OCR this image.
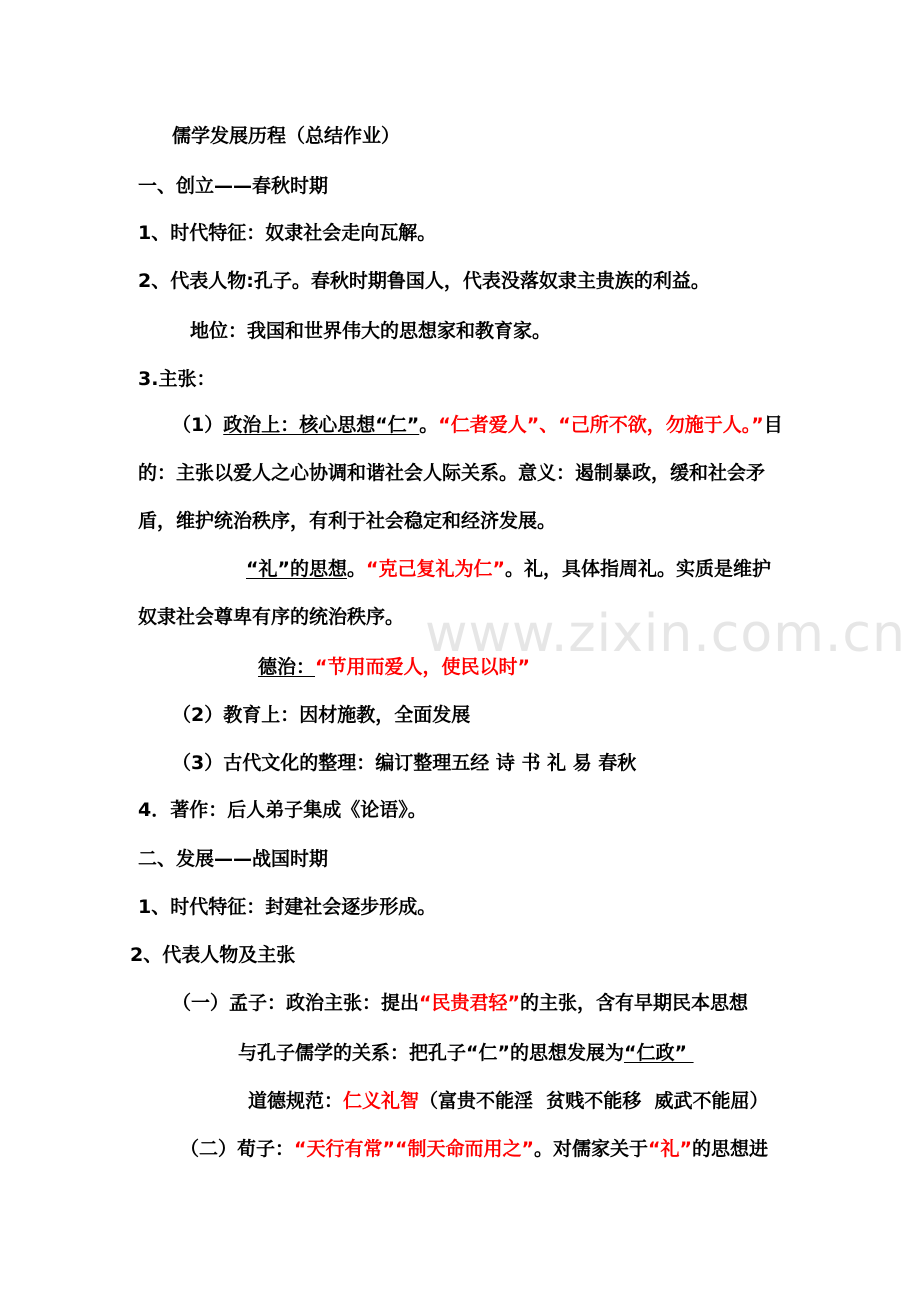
www.zixin.com.cn
儒学发展历程（总结作业）
一、创立——春秋时期
1、时代特征：奴隶社会走向瓦解。
2、代表人物:孔子。春秋时期鲁国人，代表没落奴隶主贵族的利益。
地位：我国和世界伟大的思想家和教育家。
3.主张：
（1）政治上：核心思想“仁”。“仁者爱人”、“己所不欲，勿施于人。”目
的：主张以爱人之心协调和谐社会人际关系。意义：遏制暴政，缓和社会矛
盾，维护统治秩序，有利于社会稳定和经济发展。
“礼”的思想。“克己复礼为仁”。礼，具体指周礼。实质是维护
奴隶社会尊卑有序的统治秩序。
德治：“节用而爱人，使民以时”
（2）教育上：因材施教，全面发展
（3）古代文化的整理：编订整理五经 诗 书 礼 易 春秋
4．著作：后人弟子集成《论语》。
二、发展——战国时期
1、时代特征：封建社会逐步形成。
2、代表人物及主张
（一）孟子：政治主张：提出“民贵君轻”的主张，含有早期民本思想
与孔子儒学的关系：把孔子“仁”的思想发展为“仁政”
道德规范：仁义礼智（富贵不能淫  贫贱不能移  威武不能屈）
（二）荀子：“天行有常”“制天命而用之”。对儒家关于“礼”的思想进
